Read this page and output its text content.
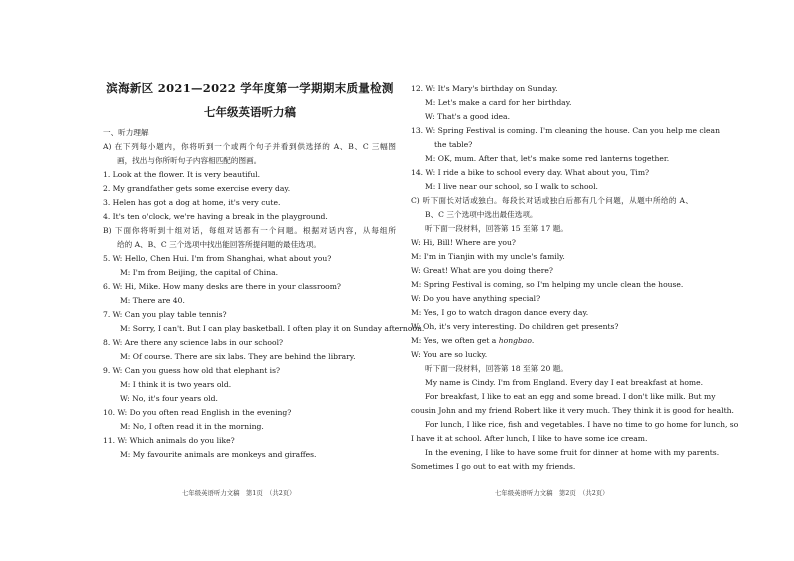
滨海新区 2021—2022 学年度第一学期期末质量检测
七年级英语听力稿
一、听力理解
A) 在下列每小题内，你将听到一个或两个句子并看到供选择的 A、B、C 三幅图
画，找出与你所听句子内容相匹配的图画。
1. Look at the flower. It is very beautiful.
2. My grandfather gets some exercise every day.
3. Helen has got a dog at home, it's very cute.
4. It's ten o'clock, we're having a break in the playground.
B) 下面你将听到十组对话，每组对话都有一个问题。根据对话内容，从每组所
给的 A、B、C 三个选项中找出能回答所提问题的最佳选项。
5. W: Hello, Chen Hui. I'm from Shanghai, what about you?
M: I'm from Beijing, the capital of China.
6. W: Hi, Mike. How many desks are there in your classroom?
M: There are 40.
7. W: Can you play table tennis?
M: Sorry, I can't. But I can play basketball. I often play it on Sunday afternoon.
8. W: Are there any science labs in our school?
M: Of course. There are six labs. They are behind the library.
9. W: Can you guess how old that elephant is?
M: I think it is two years old.
W: No, it's four years old.
10. W: Do you often read English in the evening?
M: No, I often read it in the morning.
11. W: Which animals do you like?
M: My favourite animals are monkeys and giraffes.
七年级英语听力文稿　第1页　（共2页）
12. W: It's Mary's birthday on Sunday.
M: Let's make a card for her birthday.
W: That's a good idea.
13. W: Spring Festival is coming. I'm cleaning the house. Can you help me clean
the table?
M: OK, mum. After that, let's make some red lanterns together.
14. W: I ride a bike to school every day. What about you, Tim?
M: I live near our school, so I walk to school.
C) 听下面长对话或独白。每段长对话或独白后都有几个问题，从题中所给的 A、
B、C 三个选项中选出最佳选项。
听下面一段材料，回答第 15 至第 17 题。
W: Hi, Bill! Where are you?
M: I'm in Tianjin with my uncle's family.
W: Great! What are you doing there?
M: Spring Festival is coming, so I'm helping my uncle clean the house.
W: Do you have anything special?
M: Yes, I go to watch dragon dance every day.
W: Oh, it's very interesting. Do children get presents?
M: Yes, we often get a hongbao.
W: You are so lucky.
听下面一段材料，回答第 18 至第 20 题。
My name is Cindy. I'm from England. Every day I eat breakfast at home.
For breakfast, I like to eat an egg and some bread. I don't like milk. But my
cousin John and my friend Robert like it very much. They think it is good for health.
For lunch, I like rice, fish and vegetables. I have no time to go home for lunch, so
I have it at school. After lunch, I like to have some ice cream.
In the evening, I like to have some fruit for dinner at home with my parents.
Sometimes I go out to eat with my friends.
七年级英语听力文稿　第2页　（共2页）
